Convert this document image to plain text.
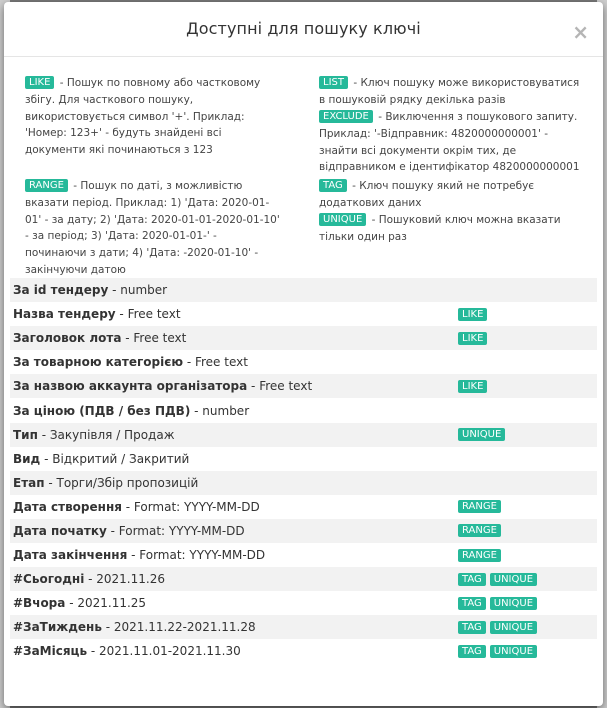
Доступні для пошуку ключі	×
LIKE - Пошук по повному або частковому збігу. Для часткового пошуку, використовується символ '+'. Приклад: 'Номер: 123+' - будуть знайдені всі документи які починаються з 123
LIST - Ключ пошуку може використовуватися в пошуковій рядку декілька разів
EXCLUDE - Виключення з пошукового запиту. Приклад: '-Відправник: 4820000000001' - знайти всі документи окрім тих, де відправником е ідентифікатор 4820000000001
RANGE - Пошук по даті, з можливістю вказати період. Приклад: 1) 'Дата: 2020-01-01' - за дату; 2) 'Дата: 2020-01-01-2020-01-10' - за період; 3) 'Дата: 2020-01-01-' - починаючи з дати; 4) 'Дата: -2020-01-10' - закінчуючи датою
TAG - Ключ пошуку який не потребує додаткових даних
UNIQUE - Пошуковий ключ можна вказати тільки один раз
За id тендеру - number
Назва тендеру - Free text	LIKE
Заголовок лота - Free text	LIKE
За товарною категорією - Free text
За назвою аккаунта організатора - Free text	LIKE
За ціною (ПДВ / без ПДВ) - number
Тип - Закупівля / Продаж	UNIQUE
Вид - Відкритий / Закритий
Етап - Торги/Збір пропозицій
Дата створення - Format: YYYY-MM-DD	RANGE
Дата початку - Format: YYYY-MM-DD	RANGE
Дата закінчення - Format: YYYY-MM-DD	RANGE
#Сьогодні - 2021.11.26	TAG	UNIQUE
#Вчора - 2021.11.25	TAG	UNIQUE
#ЗаТиждень - 2021.11.22-2021.11.28	TAG	UNIQUE
#ЗаМісяць - 2021.11.01-2021.11.30	TAG	UNIQUE
